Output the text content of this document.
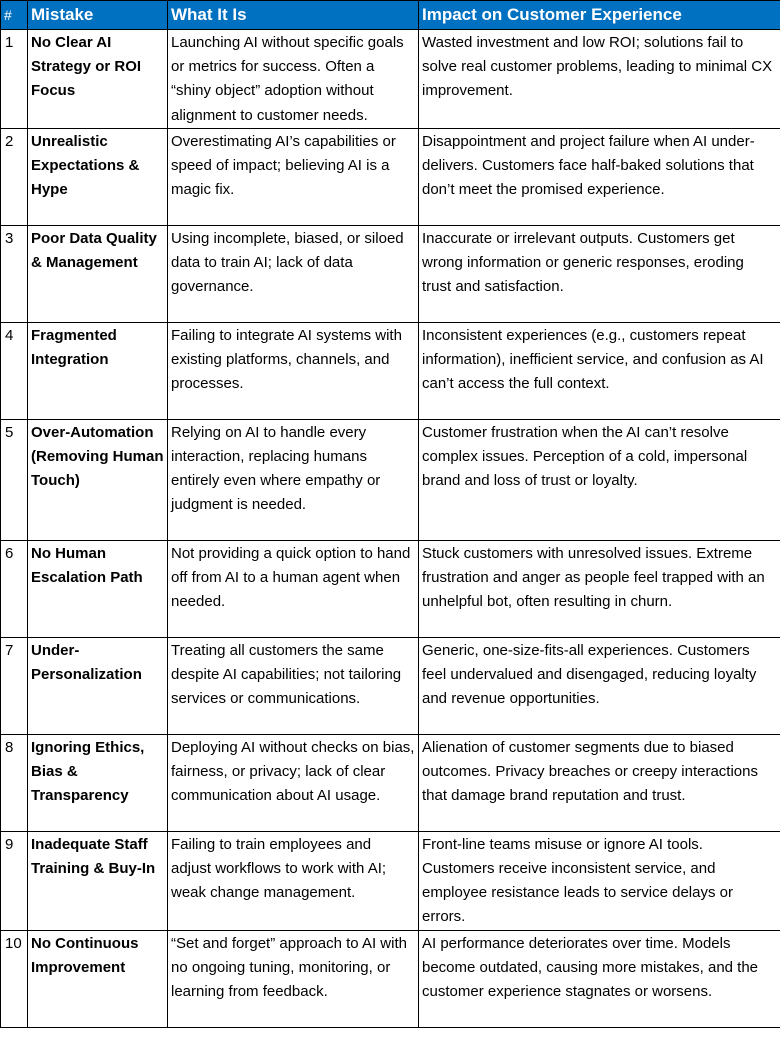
#	Mistake	What It Is	Impact on Customer Experience
1	No Clear AI Strategy or ROI Focus	Launching AI without specific goals or metrics for success. Often a “shiny object” adoption without alignment to customer needs.	Wasted investment and low ROI; solutions fail to solve real customer problems, leading to minimal CX improvement.
2	Unrealistic Expectations & Hype	Overestimating AI’s capabilities or speed of impact; believing AI is a magic fix.	Disappointment and project failure when AI under-delivers. Customers face half-baked solutions that don’t meet the promised experience.
3	Poor Data Quality & Management	Using incomplete, biased, or siloed data to train AI; lack of data governance.	Inaccurate or irrelevant outputs. Customers get wrong information or generic responses, eroding trust and satisfaction.
4	Fragmented Integration	Failing to integrate AI systems with existing platforms, channels, and processes.	Inconsistent experiences (e.g., customers repeat information), inefficient service, and confusion as AI can’t access the full context.
5	Over-Automation (Removing Human Touch)	Relying on AI to handle every interaction, replacing humans entirely even where empathy or judgment is needed.	Customer frustration when the AI can’t resolve complex issues. Perception of a cold, impersonal brand and loss of trust or loyalty.
6	No Human Escalation Path	Not providing a quick option to hand off from AI to a human agent when needed.	Stuck customers with unresolved issues. Extreme frustration and anger as people feel trapped with an unhelpful bot, often resulting in churn.
7	Under-Personalization	Treating all customers the same despite AI capabilities; not tailoring services or communications.	Generic, one-size-fits-all experiences. Customers feel undervalued and disengaged, reducing loyalty and revenue opportunities.
8	Ignoring Ethics, Bias & Transparency	Deploying AI without checks on bias, fairness, or privacy; lack of clear communication about AI usage.	Alienation of customer segments due to biased outcomes. Privacy breaches or creepy interactions that damage brand reputation and trust.
9	Inadequate Staff Training & Buy-In	Failing to train employees and adjust workflows to work with AI; weak change management.	Front-line teams misuse or ignore AI tools. Customers receive inconsistent service, and employee resistance leads to service delays or errors.
10	No Continuous Improvement	“Set and forget” approach to AI with no ongoing tuning, monitoring, or learning from feedback.	AI performance deteriorates over time. Models become outdated, causing more mistakes, and the customer experience stagnates or worsens.
